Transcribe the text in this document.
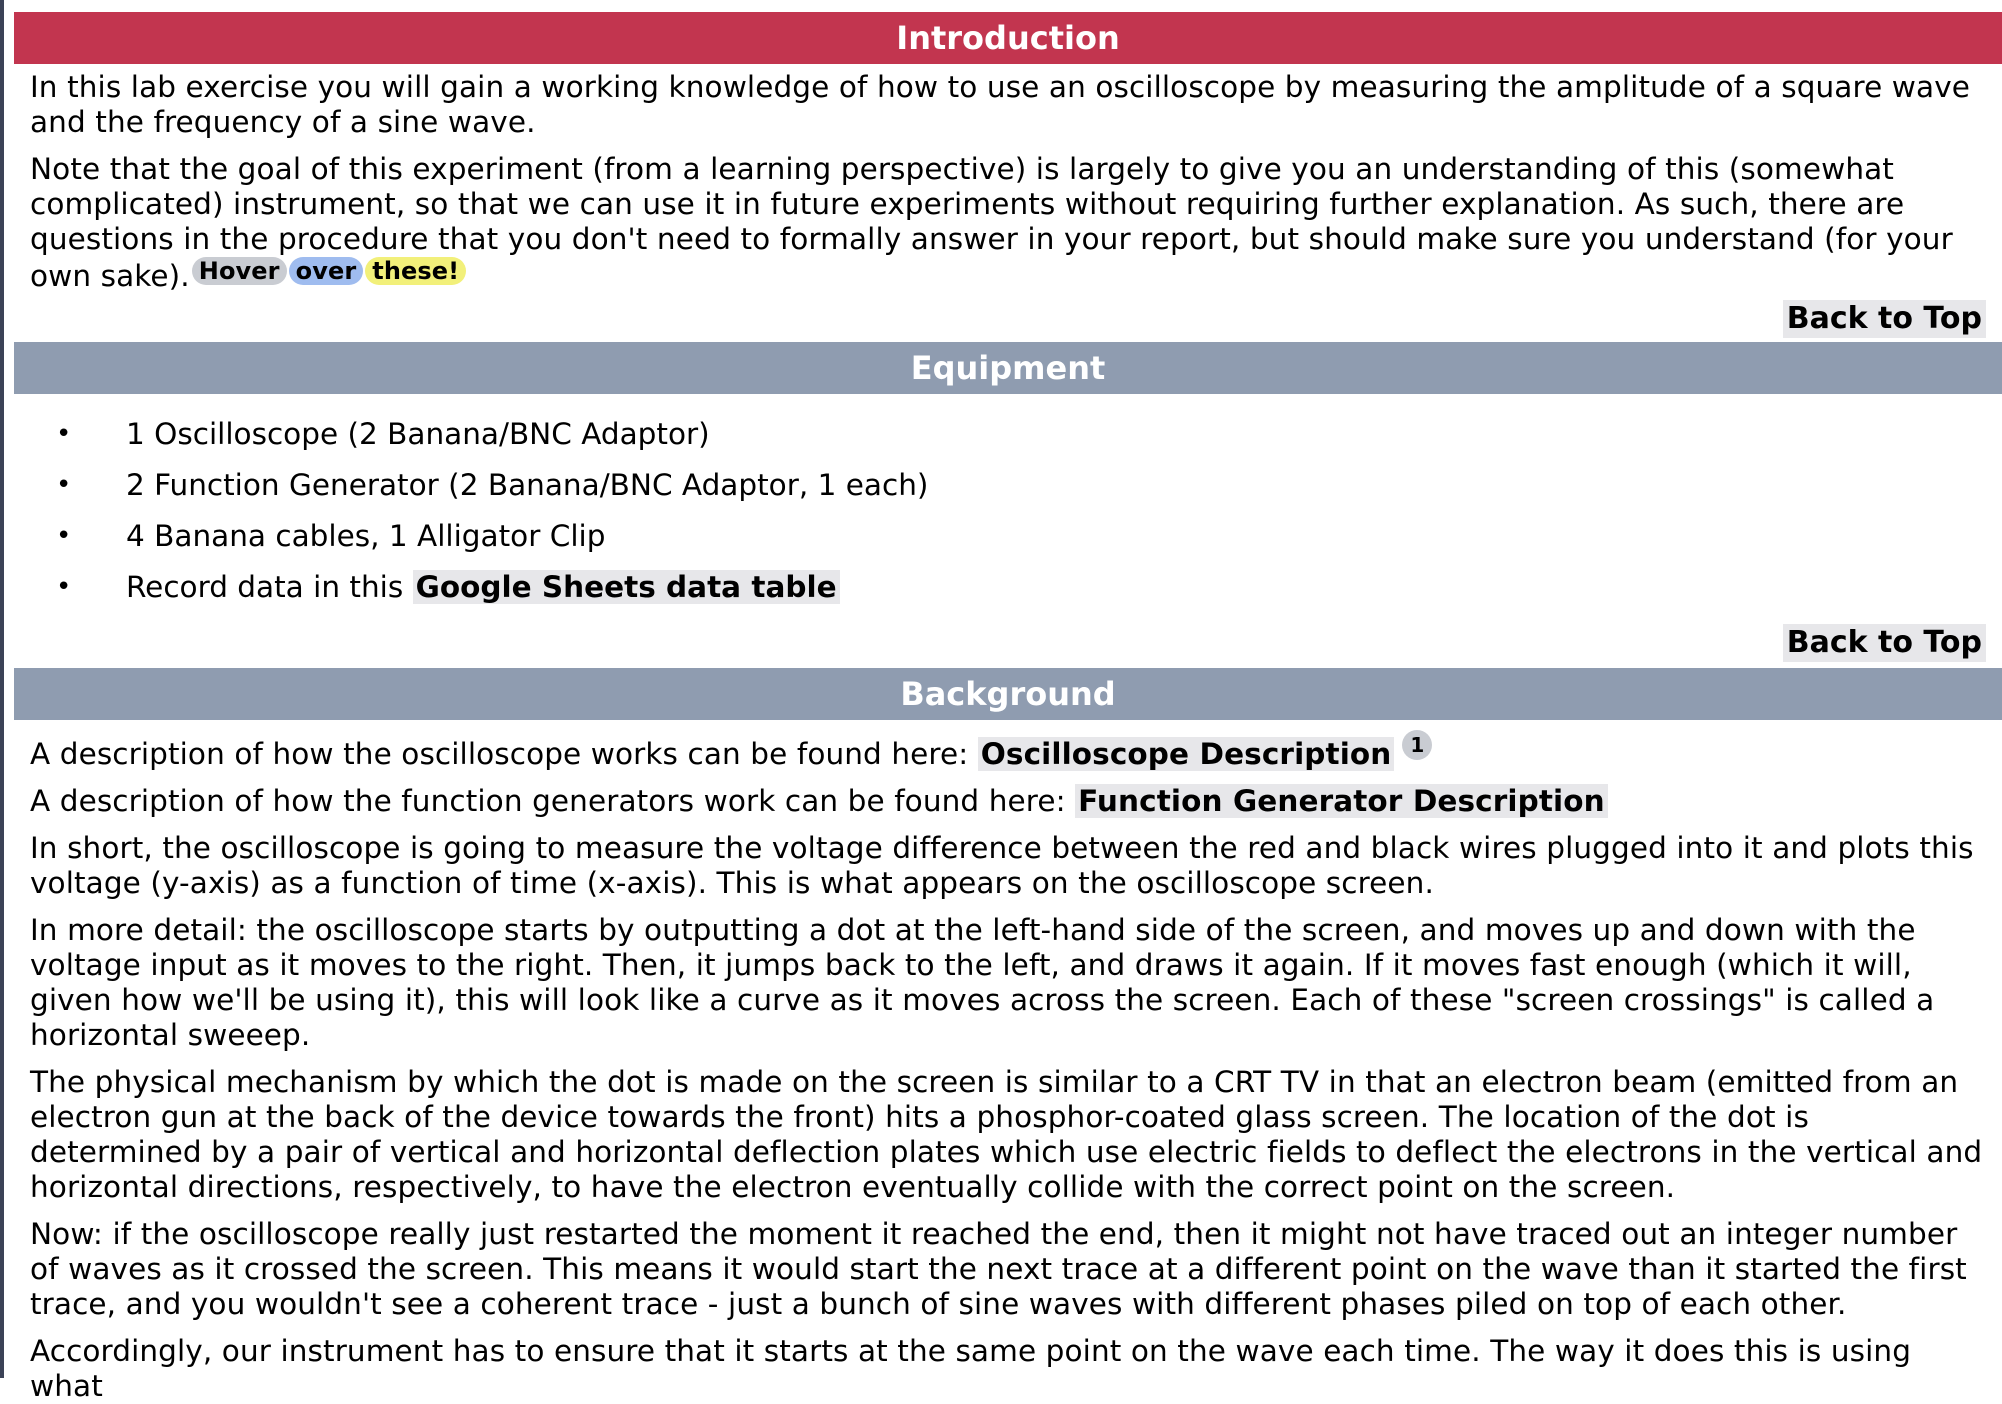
Introduction

In this lab exercise you will gain a working knowledge of how to use an oscilloscope by measuring the amplitude of a square wave and the frequency of a sine wave.

Note that the goal of this experiment (from a learning perspective) is largely to give you an understanding of this (somewhat complicated) instrument, so that we can use it in future experiments without requiring further explanation. As such, there are questions in the procedure that you don't need to formally answer in your report, but should make sure you understand (for your own sake). Hover over these!

Back to Top
Equipment
• 1 Oscilloscope (2 Banana/BNC Adaptor)
• 2 Function Generator (2 Banana/BNC Adaptor, 1 each)
• 4 Banana cables, 1 Alligator Clip
• Record data in this Google Sheets data table
Back to Top
Background

A description of how the oscilloscope works can be found here: Oscilloscope Description 1

A description of how the function generators work can be found here: Function Generator Description

In short, the oscilloscope is going to measure the voltage difference between the red and black wires plugged into it and plots this voltage (y-axis) as a function of time (x-axis). This is what appears on the oscilloscope screen.

In more detail: the oscilloscope starts by outputting a dot at the left-hand side of the screen, and moves up and down with the voltage input as it moves to the right. Then, it jumps back to the left, and draws it again. If it moves fast enough (which it will, given how we'll be using it), this will look like a curve as it moves across the screen. Each of these "screen crossings" is called a horizontal sweeep.

The physical mechanism by which the dot is made on the screen is similar to a CRT TV in that an electron beam (emitted from an electron gun at the back of the device towards the front) hits a phosphor-coated glass screen. The location of the dot is determined by a pair of vertical and horizontal deflection plates which use electric fields to deflect the electrons in the vertical and horizontal directions, respectively, to have the electron eventually collide with the correct point on the screen.

Now: if the oscilloscope really just restarted the moment it reached the end, then it might not have traced out an integer number of waves as it crossed the screen. This means it would start the next trace at a different point on the wave than it started the first trace, and you wouldn't see a coherent trace - just a bunch of sine waves with different phases piled on top of each other.

Accordingly, our instrument has to ensure that it starts at the same point on the wave each time. The way it does this is using what
